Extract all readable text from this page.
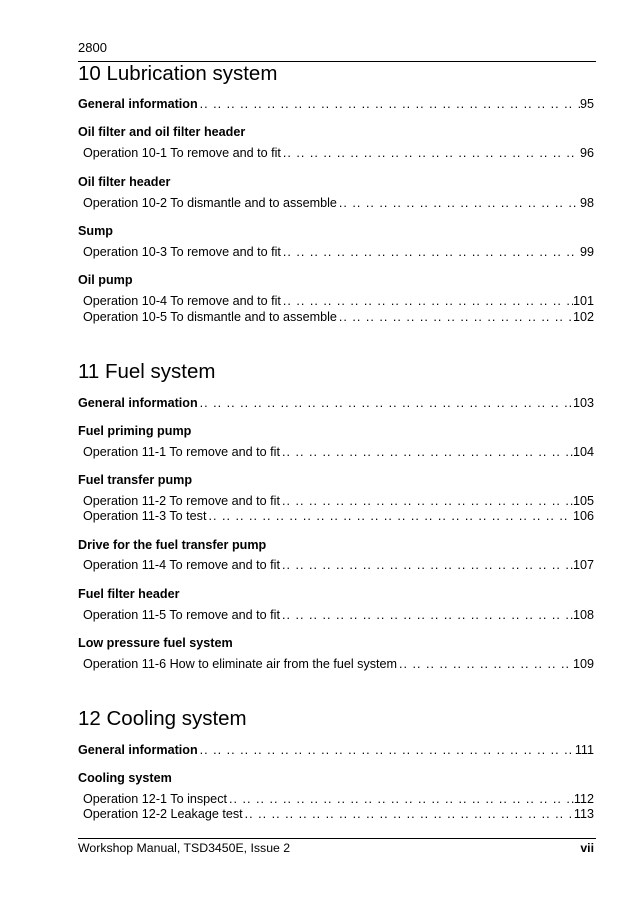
2800
10 Lubrication system
General information .. ..	95
Oil filter and oil filter header
Operation 10-1 To remove and to fit .. ..	96
Oil filter header
Operation 10-2 To dismantle and to assemble .. ..	98
Sump
Operation 10-3 To remove and to fit .. ..	99
Oil pump
Operation 10-4 To remove and to fit .. ..	101
Operation 10-5 To dismantle and to assemble .. ..	102
11 Fuel system
General information .. ..	103
Fuel priming pump
Operation 11-1 To remove and to fit .. ..	104
Fuel transfer pump
Operation 11-2 To remove and to fit .. ..	105
Operation 11-3 To test .. ..	106
Drive for the fuel transfer pump
Operation 11-4 To remove and to fit .. ..	107
Fuel filter header
Operation 11-5 To remove and to fit .. ..	108
Low pressure fuel system
Operation 11-6 How to eliminate air from the fuel system .. ..	109
12 Cooling system
General information .. ..	111
Cooling system
Operation 12-1 To inspect .. ..	112
Operation 12-2 Leakage test .. ..	113
Workshop Manual, TSD3450E, Issue 2	vii
